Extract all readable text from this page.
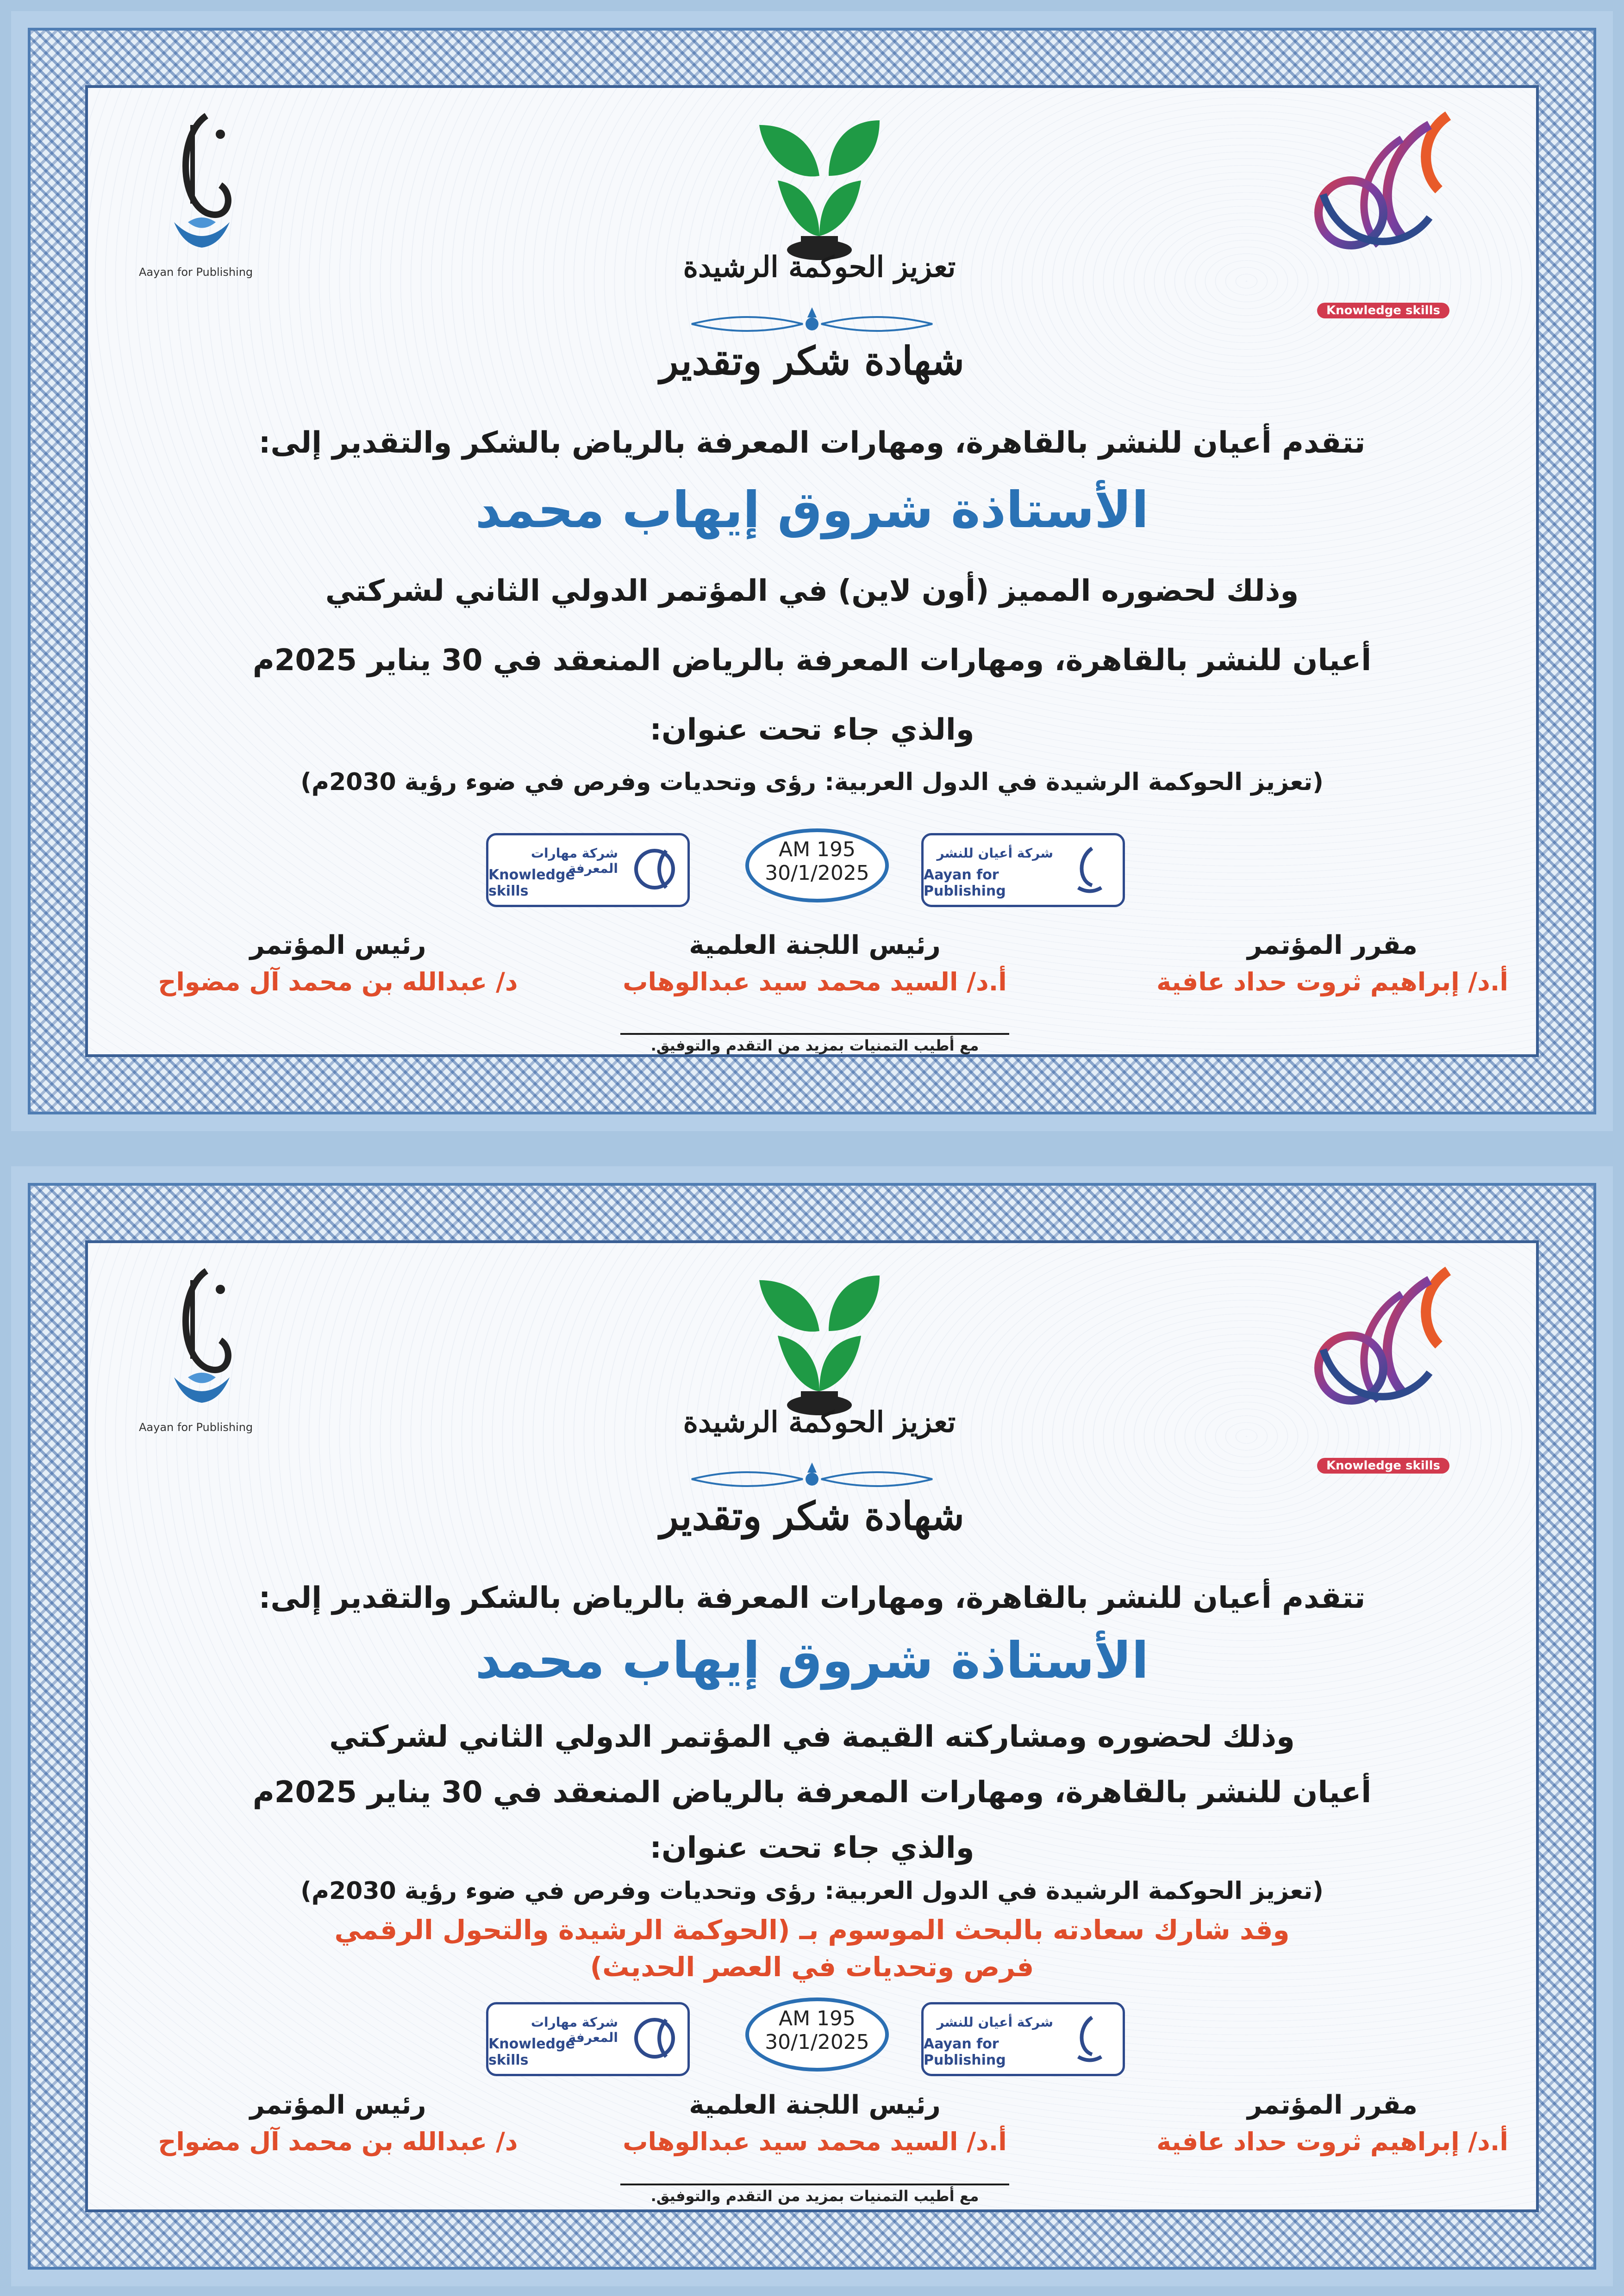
Aayan for Publishing	تعزيز الحوكمة الرشيدة
Knowledge skills
شهادة شكر وتقدير
تتقدم أعيان للنشر بالقاهرة، ومهارات المعرفة بالرياض بالشكر والتقدير إلى:
الأستاذة شروق إيهاب محمد
وذلك لحضوره المميز (أون لاين) في المؤتمر الدولي الثاني لشركتي
أعيان للنشر بالقاهرة، ومهارات المعرفة بالرياض المنعقد في 30 يناير 2025م
والذي جاء تحت عنوان:
(تعزيز الحوكمة الرشيدة في الدول العربية: رؤى وتحديات وفرص في ضوء رؤية 2030م)
شركة مهارات المعرفة
Knowledge skills
AM 195
30/1/2025
شركة أعيان للنشر
Aayan for Publishing
مقرر المؤتمر
أ.د/ إبراهيم ثروت حداد عافية
رئيس اللجنة العلمية
أ.د/ السيد محمد سيد عبدالوهاب
رئيس المؤتمر
د/ عبدالله بن محمد آل مضواح
مع أطيب التمنيات بمزيد من التقدم والتوفيق.
Aayan for Publishing	تعزيز الحوكمة الرشيدة
Knowledge skills
شهادة شكر وتقدير
تتقدم أعيان للنشر بالقاهرة، ومهارات المعرفة بالرياض بالشكر والتقدير إلى:
الأستاذة شروق إيهاب محمد
وذلك لحضوره ومشاركته القيمة في المؤتمر الدولي الثاني لشركتي
أعيان للنشر بالقاهرة، ومهارات المعرفة بالرياض المنعقد في 30 يناير 2025م
والذي جاء تحت عنوان:
(تعزيز الحوكمة الرشيدة في الدول العربية: رؤى وتحديات وفرص في ضوء رؤية 2030م)
وقد شارك سعادته بالبحث الموسوم بـ (الحوكمة الرشيدة والتحول الرقمي
فرص وتحديات في العصر الحديث)
شركة مهارات المعرفة
Knowledge skills
AM 195
30/1/2025
شركة أعيان للنشر
Aayan for Publishing
مقرر المؤتمر
أ.د/ إبراهيم ثروت حداد عافية
رئيس اللجنة العلمية
أ.د/ السيد محمد سيد عبدالوهاب
رئيس المؤتمر
د/ عبدالله بن محمد آل مضواح
مع أطيب التمنيات بمزيد من التقدم والتوفيق.
